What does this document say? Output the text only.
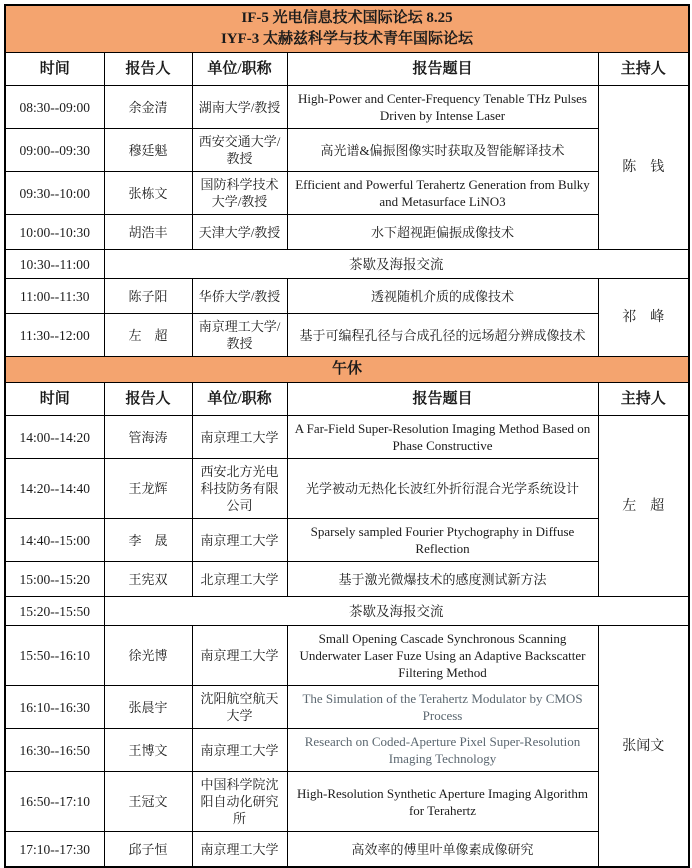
IF-5 光电信息技术国际论坛 8.25
IYF-3 太赫兹科学与技术青年国际论坛				

时间	报告人	单位/职称	报告题目	主持人
08:30--09:00	余金清	湖南大学/教授	High-Power and Center-Frequency Tenable THz Pulses Driven by Intense Laser	陈　钱
09:00--09:30	穆廷魁	西安交通大学/教授	高光谱&偏振图像实时获取及智能解译技术	
09:30--10:00	张栋文	国防科学技术大学/教授	Efficient and Powerful Terahertz Generation from Bulky and Metasurface LiNO3	
10:00--10:30	胡浩丰	天津大学/教授	水下超视距偏振成像技术	
10:30--11:00	茶歇及海报交流			
11:00--11:30	陈子阳	华侨大学/教授	透视随机介质的成像技术	祁　峰
11:30--12:00	左　超	南京理工大学/教授	基于可编程孔径与合成孔径的远场超分辨成像技术	
午休				
时间	报告人	单位/职称	报告题目	主持人
14:00--14:20	管海涛	南京理工大学	A Far-Field Super-Resolution Imaging Method Based on Phase Constructive	左　超
14:20--14:40	王龙辉	西安北方光电科技防务有限公司	光学被动无热化长波红外折衍混合光学系统设计	
14:40--15:00	李　晟	南京理工大学	Sparsely sampled Fourier Ptychography in Diffuse Reflection	
15:00--15:20	王宪双	北京理工大学	基于激光微爆技术的感度测试新方法	
15:20--15:50	茶歇及海报交流			
15:50--16:10	徐光博	南京理工大学	Small Opening Cascade Synchronous Scanning Underwater Laser Fuze Using an Adaptive Backscatter Filtering Method	张闻文
16:10--16:30	张晨宇	沈阳航空航天大学	The Simulation of the Terahertz Modulator by CMOS Process	
16:30--16:50	王博文	南京理工大学	Research on Coded-Aperture Pixel Super-Resolution Imaging Technology	
16:50--17:10	王冠文	中国科学院沈阳自动化研究所	High-Resolution Synthetic Aperture Imaging Algorithm for Terahertz	
17:10--17:30	邱子恒	南京理工大学	高效率的傅里叶单像素成像研究	
